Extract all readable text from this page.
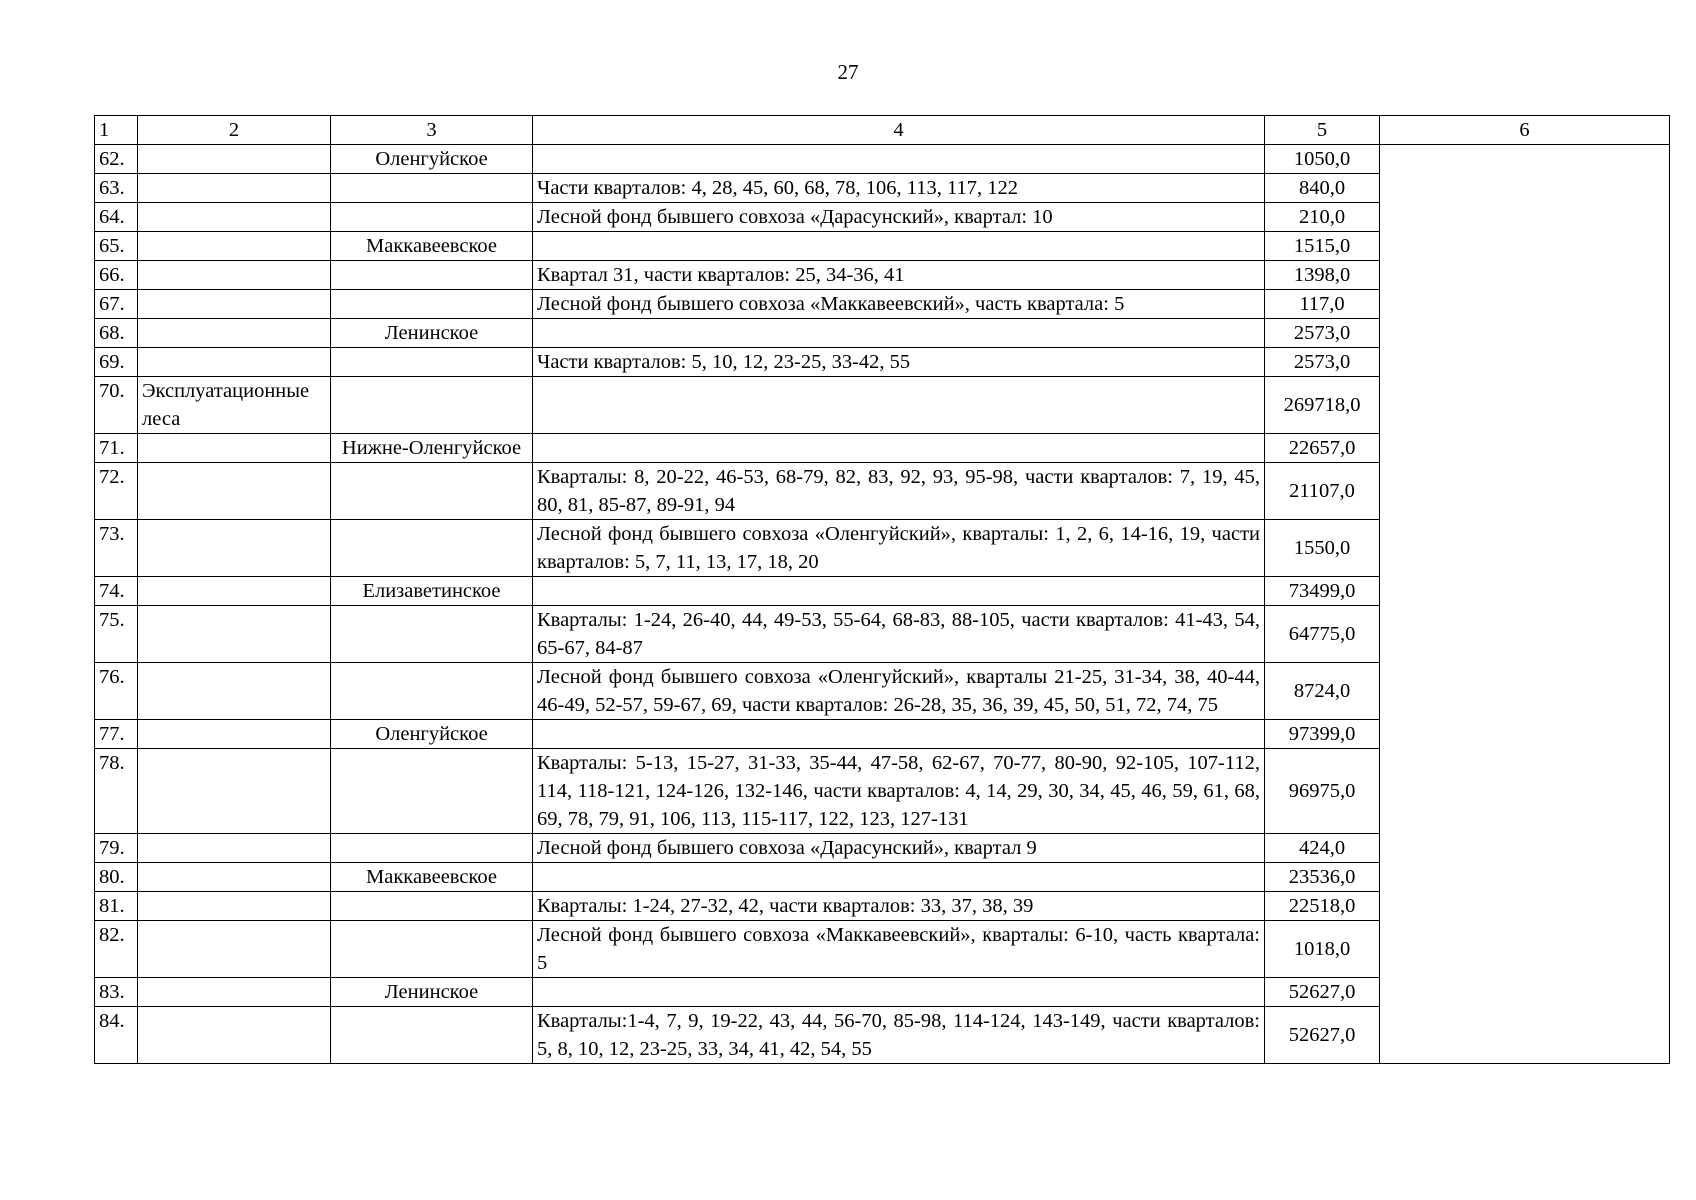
27
1	2	3	4	5	6
62.		Оленгуйское		1050,0	
63.			Части кварталов: 4, 28, 45, 60, 68, 78, 106, 113, 117, 122	840,0	
64.			Лесной фонд бывшего совхоза «Дарасунский», квартал: 10	210,0	
65.		Маккавеевское		1515,0	
66.			Квартал 31, части кварталов: 25, 34-36, 41	1398,0	
67.			Лесной фонд бывшего совхоза «Маккавеевский», часть квартала: 5	117,0	
68.		Ленинское		2573,0	
69.			Части кварталов: 5, 10, 12, 23-25, 33-42, 55	2573,0	
70.	Эксплуатационные леса			269718,0	
71.		Нижне-Оленгуйское		22657,0	
72.			Кварталы: 8, 20-22, 46-53, 68-79, 82, 83, 92, 93, 95-98, части кварталов: 7, 19, 45, 80, 81, 85-87, 89-91, 94	21107,0	
73.			Лесной фонд бывшего совхоза «Оленгуйский», кварталы: 1, 2, 6, 14-16, 19, части кварталов: 5, 7, 11, 13, 17, 18, 20	1550,0	
74.		Елизаветинское		73499,0	
75.			Кварталы: 1-24, 26-40, 44, 49-53, 55-64, 68-83, 88-105, части кварталов: 41-43, 54, 65-67, 84-87	64775,0	
76.			Лесной фонд бывшего совхоза «Оленгуйский», кварталы 21-25, 31-34, 38, 40-44, 46-49, 52-57, 59-67, 69, части кварталов: 26-28, 35, 36, 39, 45, 50, 51, 72, 74, 75	8724,0	
77.		Оленгуйское		97399,0	
78.			Кварталы: 5-13, 15-27, 31-33, 35-44, 47-58, 62-67, 70-77, 80-90, 92-105, 107-112, 114, 118-121, 124-126, 132-146, части кварталов: 4, 14, 29, 30, 34, 45, 46, 59, 61, 68, 69, 78, 79, 91, 106, 113, 115-117, 122, 123, 127-131	96975,0	
79.			Лесной фонд бывшего совхоза «Дарасунский», квартал 9	424,0	
80.		Маккавеевское		23536,0	
81.			Кварталы: 1-24, 27-32, 42, части кварталов: 33, 37, 38, 39	22518,0	
82.			Лесной фонд бывшего совхоза «Маккавеевский», кварталы: 6-10, часть квартала: 5	1018,0	
83.		Ленинское		52627,0	
84.			Кварталы:1-4, 7, 9, 19-22, 43, 44, 56-70, 85-98, 114-124, 143-149, части кварталов: 5, 8, 10, 12, 23-25, 33, 34, 41, 42, 54, 55	52627,0	
